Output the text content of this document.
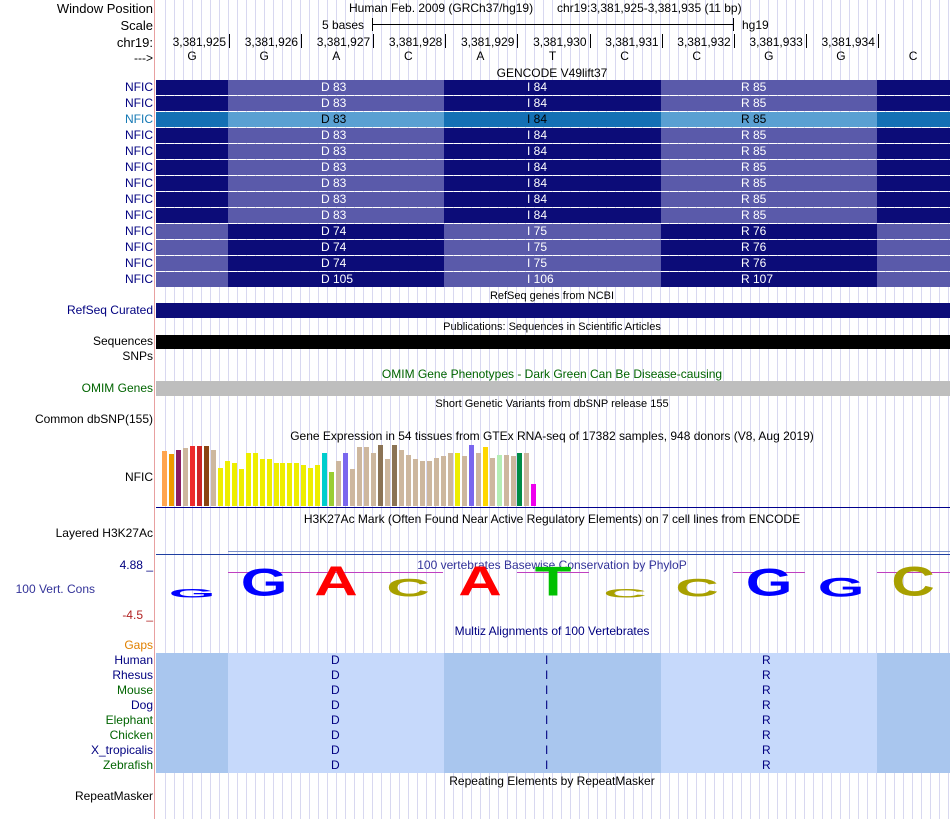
Window Position	Human Feb. 2009 (GRCh37/hg19) chr19:3,381,925-3,381,935 (11 bp)
Scale	5 bases	hg19
chr19:
--->
3,381,925	3,381,926	3,381,927	3,381,928	3,381,929	3,381,930	3,381,931	3,381,932	3,381,933	3,381,934
G	G	A	C	A	T	C	C	G	G	C
GENCODE V49lift37
NFIC	D 83	I 84	R 85
NFIC	D 83	I 84	R 85
NFIC	D 83	I 84	R 85
NFIC	D 83	I 84	R 85
NFIC	D 83	I 84	R 85
NFIC	D 83	I 84	R 85
NFIC	D 83	I 84	R 85
NFIC	D 83	I 84	R 85
NFIC	D 83	I 84	R 85
NFIC	D 74	I 75	R 76
NFIC	D 74	I 75	R 76
NFIC	D 74	I 75	R 76
NFIC	D 105	I 106	R 107
RefSeq genes from NCBI
RefSeq Curated
Publications: Sequences in Scientific Articles
Sequences
SNPs
OMIM Gene Phenotypes - Dark Green Can Be Disease-causing
OMIM Genes
Short Genetic Variants from dbSNP release 155
Common dbSNP(155)
Gene Expression in 54 tissues from GTEx RNA-seq of 17382 samples, 948 donors (V8, Aug 2019)
NFIC
H3K27Ac Mark (Often Found Near Active Regulatory Elements) on 7 cell lines from ENCODE
Layered H3K27Ac
100 vertebrates Basewise Conservation by PhyloP
4.88 _
100 Vert. Cons
-4.5 _
G G A C A T C C G G C
Multiz Alignments of 100 Vertebrates
Gaps
Human	D	I	R
Rhesus	D	I	R
Mouse	D	I	R
Dog	D	I	R
Elephant	D	I	R
Chicken	D	I	R
X_tropicalis	D	I	R
Zebrafish	D	I	R
Repeating Elements by RepeatMasker
RepeatMasker
